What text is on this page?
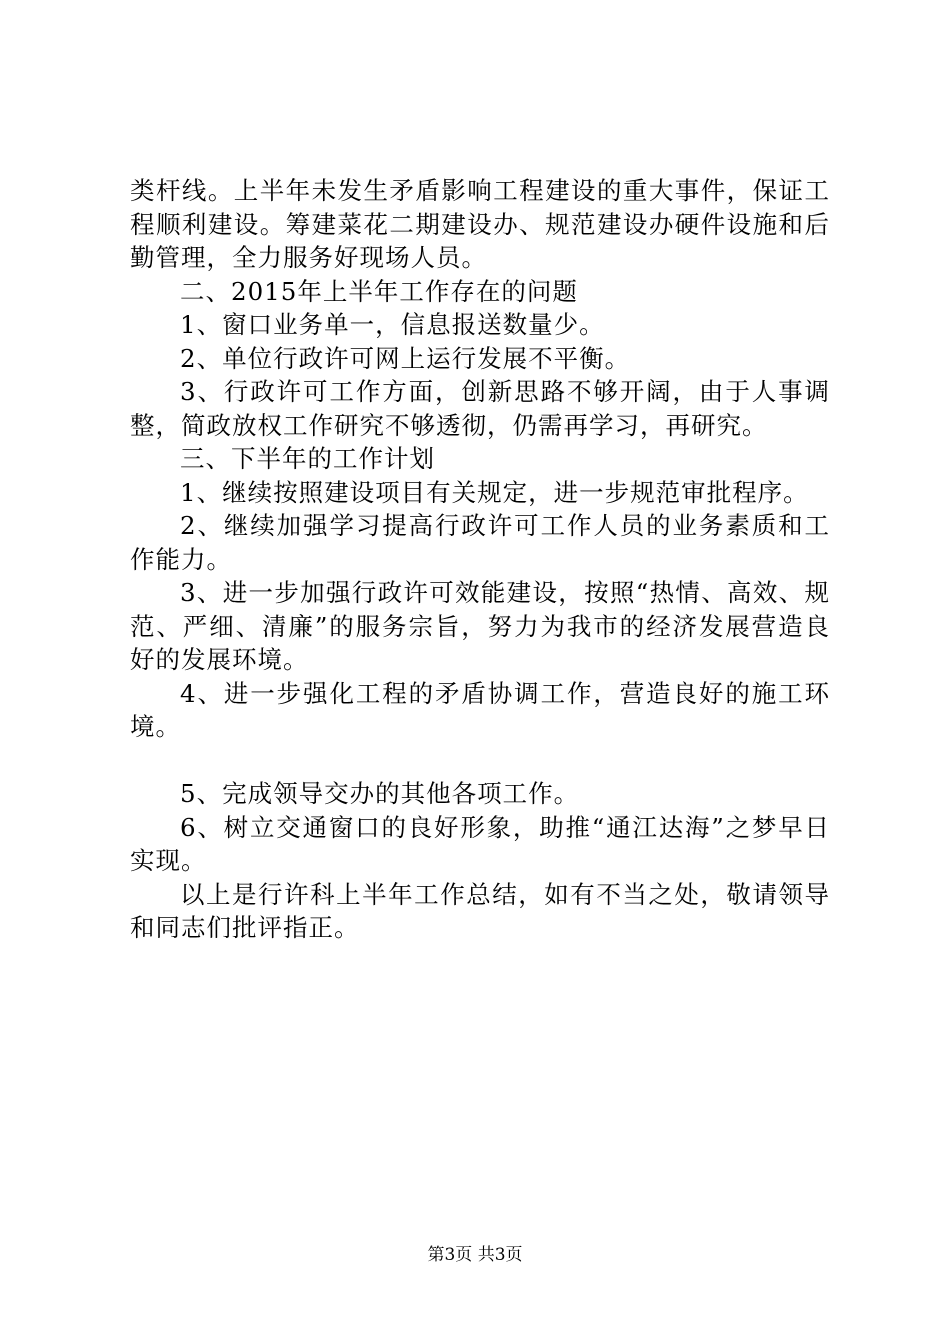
类杆线。上半年未发生矛盾影响工程建设的重大事件，保证工程顺利建设。筹建菜花二期建设办、规范建设办硬件设施和后勤管理，全力服务好现场人员。

二、2015年上半年工作存在的问题

1、窗口业务单一，信息报送数量少。

2、单位行政许可网上运行发展不平衡。

3、行政许可工作方面，创新思路不够开阔，由于人事调整，简政放权工作研究不够透彻，仍需再学习，再研究。

三、下半年的工作计划

1、继续按照建设项目有关规定，进一步规范审批程序。

2、继续加强学习提高行政许可工作人员的业务素质和工作能力。

3、进一步加强行政许可效能建设，按照“热情、高效、规范、严细、清廉”的服务宗旨，努力为我市的经济发展营造良好的发展环境。

4、进一步强化工程的矛盾协调工作，营造良好的施工环境。

5、完成领导交办的其他各项工作。

6、树立交通窗口的良好形象，助推“通江达海”之梦早日实现。

以上是行许科上半年工作总结，如有不当之处，敬请领导和同志们批评指正。

第3页 共3页
